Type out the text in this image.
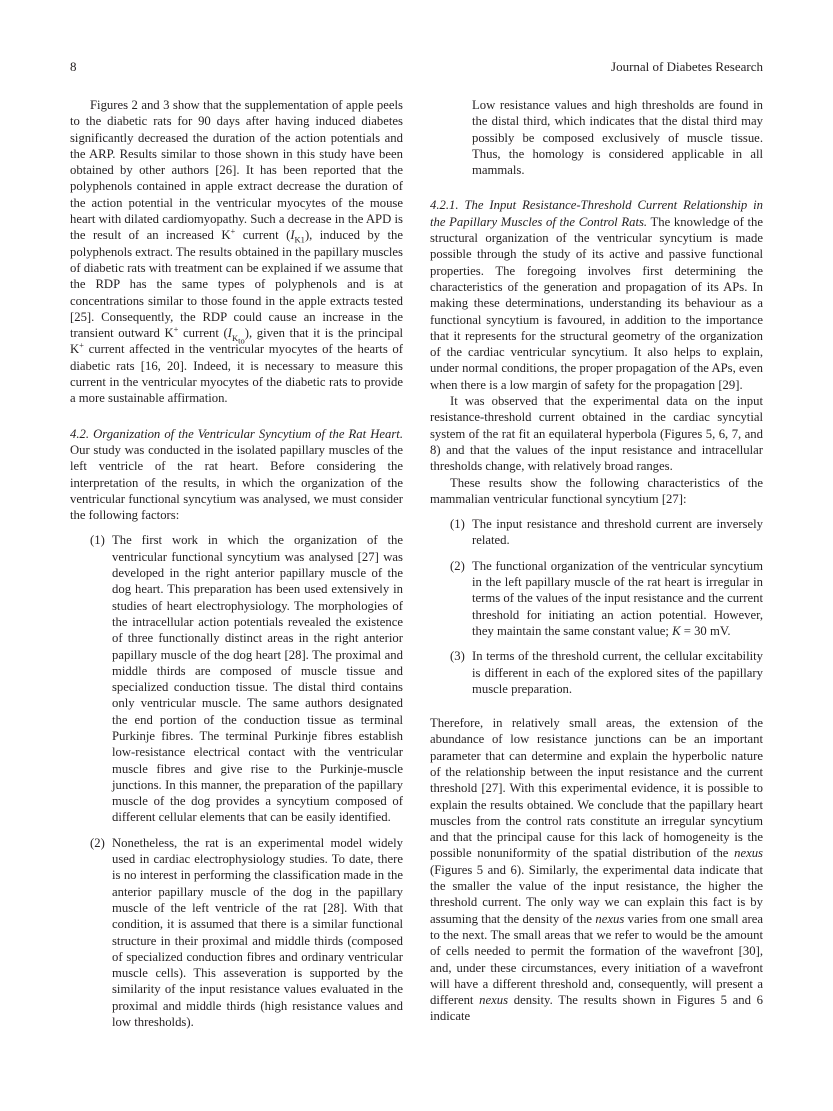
8	Journal of Diabetes Research

Figures 2 and 3 show that the supplementation of apple peels to the diabetic rats for 90 days after having induced diabetes significantly decreased the duration of the action potentials and the ARP. Results similar to those shown in this study have been obtained by other authors [26]. It has been reported that the polyphenols contained in apple extract decrease the duration of the action potential in the ventricular myocytes of the mouse heart with dilated cardiomyopathy. Such a decrease in the APD is the result of an increased K+ current $(I_{K1})$, induced by the polyphenols extract. The results obtained in the papillary muscles of diabetic rats with treatment can be explained if we assume that the RDP has the same types of polyphenols and is at concentrations similar to those found in the apple extracts tested [25]. Consequently, the RDP could cause an increase in the transient outward K+ current $(I_{K_{to}})$, given that it is the principal K+ current affected in the ventricular myocytes of the hearts of diabetic rats [16, 20]. Indeed, it is necessary to measure this current in the ventricular myocytes of the diabetic rats to provide a more sustainable affirmation.

4.2. Organization of the Ventricular Syncytium of the Rat Heart. Our study was conducted in the isolated papillary muscles of the left ventricle of the rat heart. Before considering the interpretation of the results, in which the organization of the ventricular functional syncytium was analysed, we must consider the following factors:

(1) The first work in which the organization of the ventricular functional syncytium was analysed [27] was developed in the right anterior papillary muscle of the dog heart. This preparation has been used extensively in studies of heart electrophysiology. The morphologies of the intracellular action potentials revealed the existence of three functionally distinct areas in the right anterior papillary muscle of the dog heart [28]. The proximal and middle thirds are composed of muscle tissue and specialized conduction tissue. The distal third contains only ventricular muscle. The same authors designated the end portion of the conduction tissue as terminal Purkinje fibres. The terminal Purkinje fibres establish low-resistance electrical contact with the ventricular muscle fibres and give rise to the Purkinje-muscle junctions. In this manner, the preparation of the papillary muscle of the dog provides a syncytium composed of different cellular elements that can be easily identified.
(2) Nonetheless, the rat is an experimental model widely used in cardiac electrophysiology studies. To date, there is no interest in performing the classification made in the anterior papillary muscle of the dog in the papillary muscle of the left ventricle of the rat [28]. With that condition, it is assumed that there is a similar functional structure in their proximal and middle thirds (composed of specialized conduction fibres and ordinary ventricular muscle cells). This asseveration is supported by the similarity of the input resistance values evaluated in the proximal and middle thirds (high resistance values and low thresholds).

Low resistance values and high thresholds are found in the distal third, which indicates that the distal third may possibly be composed exclusively of muscle tissue. Thus, the homology is considered applicable in all mammals.

4.2.1. The Input Resistance-Threshold Current Relationship in the Papillary Muscles of the Control Rats. The knowledge of the structural organization of the ventricular syncytium is made possible through the study of its active and passive functional properties. The foregoing involves first determining the characteristics of the generation and propagation of its APs. In making these determinations, understanding its behaviour as a functional syncytium is favoured, in addition to the importance that it represents for the structural geometry of the organization of the cardiac ventricular syncytium. It also helps to explain, under normal conditions, the proper propagation of the APs, even when there is a low margin of safety for the propagation [29].

It was observed that the experimental data on the input resistance-threshold current obtained in the cardiac syncytial system of the rat fit an equilateral hyperbola (Figures 5, 6, 7, and 8) and that the values of the input resistance and intracellular thresholds change, with relatively broad ranges.

These results show the following characteristics of the mammalian ventricular functional syncytium [27]:

(1) The input resistance and threshold current are inversely related.
(2) The functional organization of the ventricular syncytium in the left papillary muscle of the rat heart is irregular in terms of the values of the input resistance and the current threshold for initiating an action potential. However, they maintain the same constant value; K = 30 mV.
(3) In terms of the threshold current, the cellular excitability is different in each of the explored sites of the papillary muscle preparation.

Therefore, in relatively small areas, the extension of the abundance of low resistance junctions can be an important parameter that can determine and explain the hyperbolic nature of the relationship between the input resistance and the current threshold [27]. With this experimental evidence, it is possible to explain the results obtained. We conclude that the papillary heart muscles from the control rats constitute an irregular syncytium and that the principal cause for this lack of homogeneity is the possible nonuniformity of the spatial distribution of the nexus (Figures 5 and 6). Similarly, the experimental data indicate that the smaller the value of the input resistance, the higher the threshold current. The only way we can explain this fact is by assuming that the density of the nexus varies from one small area to the next. The small areas that we refer to would be the amount of cells needed to permit the formation of the wavefront [30], and, under these circumstances, every initiation of a wavefront will have a different threshold and, consequently, will present a different nexus density. The results shown in Figures 5 and 6 indicate
